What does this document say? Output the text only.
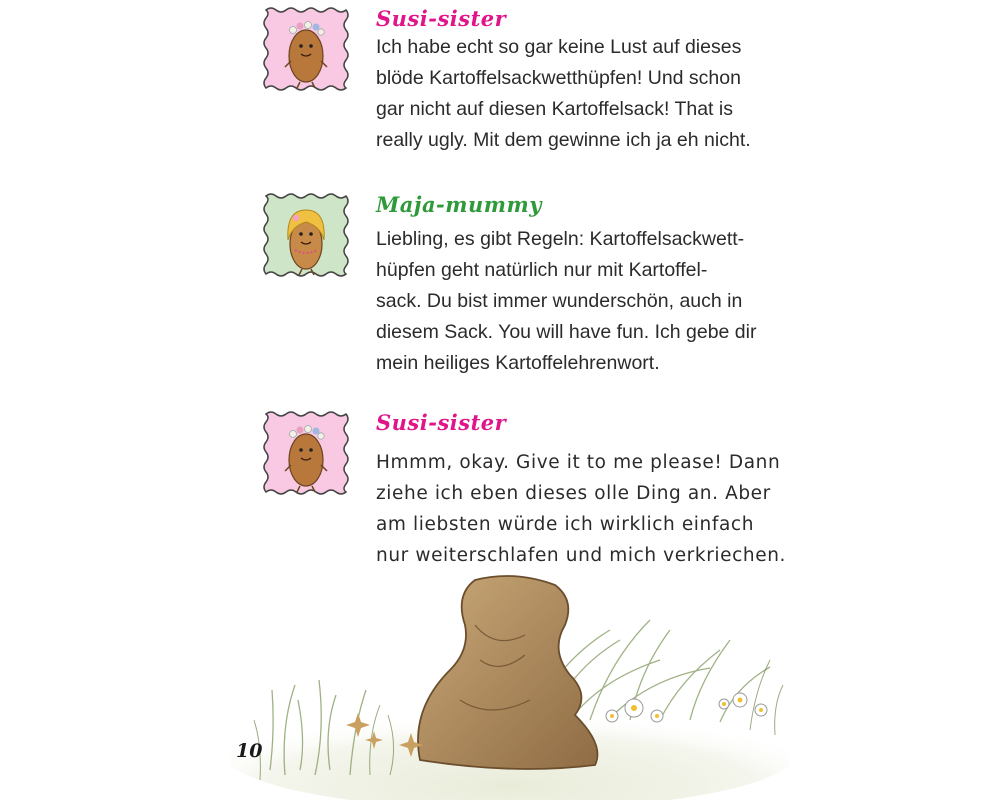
Susi-sister
Ich habe echt so gar keine Lust auf dieses
blöde Kartoffelsackwetthüpfen! Und schon
gar nicht auf diesen Kartoffelsack! That is
really ugly. Mit dem gewinne ich ja eh nicht.
Maja-mummy
Liebling, es gibt Regeln: Kartoffelsackwett-
hüpfen geht natürlich nur mit Kartoffel-
sack. Du bist immer wunderschön, auch in
diesem Sack. You will have fun. Ich gebe dir
mein heiliges Kartoffelehrenwort.
Susi-sister
Hmmm, okay. Give it to me please! Dann
ziehe ich eben dieses olle Ding an. Aber
am liebsten würde ich wirklich einfach
nur weiterschlafen und mich verkriechen.
10
